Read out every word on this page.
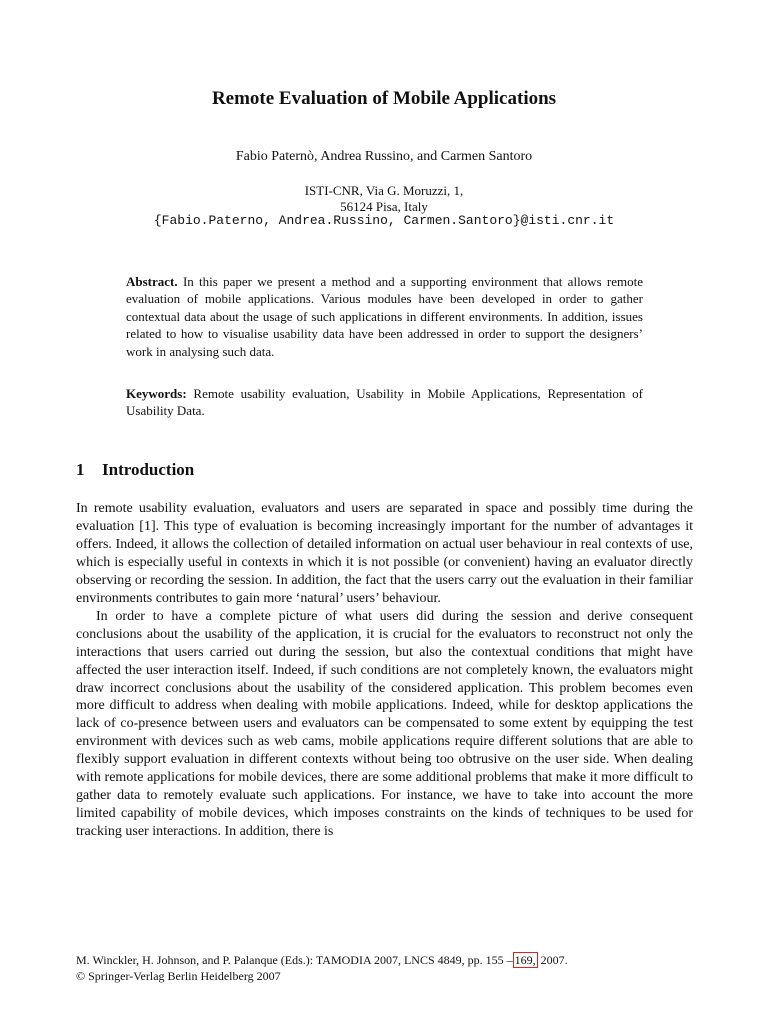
Remote Evaluation of Mobile Applications
Fabio Paternò, Andrea Russino, and Carmen Santoro
ISTI-CNR, Via G. Moruzzi, 1,
56124 Pisa, Italy
{Fabio.Paterno, Andrea.Russino, Carmen.Santoro}@isti.cnr.it

Abstract. In this paper we present a method and a supporting environment that allows remote evaluation of mobile applications. Various modules have been developed in order to gather contextual data about the usage of such applications in different environments. In addition, issues related to how to visualise usability data have been addressed in order to support the designers’ work in analysing such data.

Keywords: Remote usability evaluation, Usability in Mobile Applications, Representation of Usability Data.

1 Introduction

In remote usability evaluation, evaluators and users are separated in space and possibly time during the evaluation [1]. This type of evaluation is becoming increasingly important for the number of advantages it offers. Indeed, it allows the collection of detailed information on actual user behaviour in real contexts of use, which is especially useful in contexts in which it is not possible (or convenient) having an evaluator directly observing or recording the session. In addition, the fact that the users carry out the evaluation in their familiar environments contributes to gain more ‘natural’ users’ behaviour.

In order to have a complete picture of what users did during the session and derive consequent conclusions about the usability of the application, it is crucial for the evaluators to reconstruct not only the interactions that users carried out during the session, but also the contextual conditions that might have affected the user interaction itself. Indeed, if such conditions are not completely known, the evaluators might draw incorrect conclusions about the usability of the considered application. This problem becomes even more difficult to address when dealing with mobile applications. Indeed, while for desktop applications the lack of co-presence between users and evaluators can be compensated to some extent by equipping the test environment with devices such as web cams, mobile applications require different solutions that are able to flexibly support evaluation in different contexts without being too obtrusive on the user side. When dealing with remote applications for mobile devices, there are some additional problems that make it more difficult to gather data to remotely evaluate such applications. For instance, we have to take into account the more limited capability of mobile devices, which imposes constraints on the kinds of techniques to be used for tracking user interactions. In addition, there is

M. Winckler, H. Johnson, and P. Palanque (Eds.): TAMODIA 2007, LNCS 4849, pp. 155 – 169, 2007.
© Springer-Verlag Berlin Heidelberg 2007
